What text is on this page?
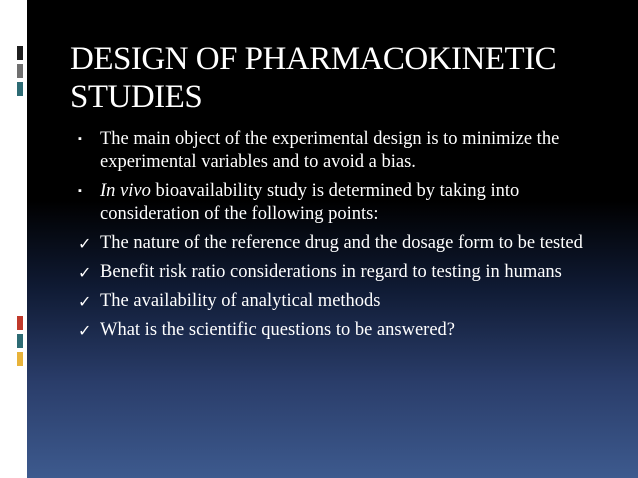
DESIGN OF PHARMACOKINETIC STUDIES
▪ The main object of the experimental design is to minimize the experimental variables and to avoid a bias.
▪ In vivo bioavailability study is determined by taking into consideration of the following points:
✓ The nature of the reference drug and the dosage form to be tested
✓ Benefit risk ratio considerations in regard to testing in humans
✓ The availability of analytical methods
✓ What is the scientific questions to be answered?
